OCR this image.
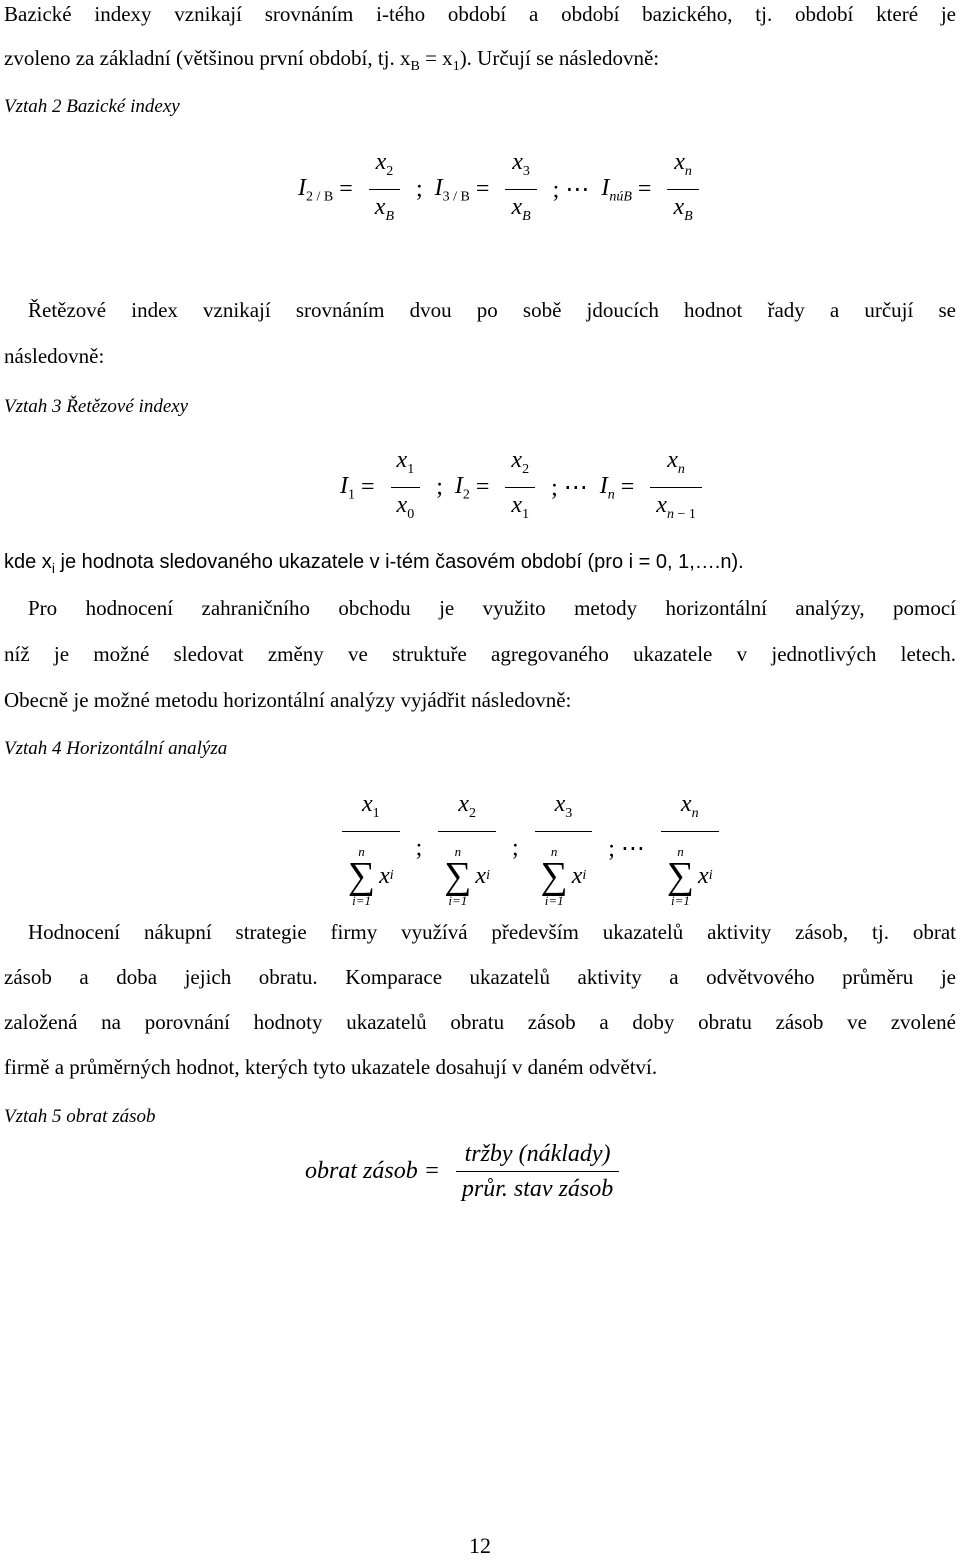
Bazické indexy vznikají srovnáním i-tého období a období bazického, tj. období které je

zvoleno za základní (většinou první období, tj. $x_B = x_1$). Určují se následovně:

Vztah 2 Bazické indexy

$I_{2 / B} = \frac{x_2}{x_B}$ ; $I_{3 / B} = \frac{x_3}{x_B}$ ; ⋯ $I_{núB} = \frac{x_n}{x_B}$

Řetězové index vznikají srovnáním dvou po sobě jdoucích hodnot řady a určují se

následovně:

Vztah 3 Řetězové indexy

$I_1 = \frac{x_1}{x_0}$ ; $I_2 = \frac{x_2}{x_1}$ ; ⋯ $I_n = \frac{x_n}{x_{n - 1}}$

kde $x_i$ je hodnota sledovaného ukazatele v i-tém časovém období (pro i = 0, 1,….n).

Pro hodnocení zahraničního obchodu je využito metody horizontální analýzy, pomocí

níž je možné sledovat změny ve struktuře agregovaného ukazatele v jednotlivých letech.

Obecně je možné metodu horizontální analýzy vyjádřit následovně:

Vztah 4 Horizontální analýza

$x_1$
n
∑
i=1
x i ; $x_2$
n
∑
i=1
x i ; $x_3$
n
∑
i=1
x i ; ⋯ $x_n$
n
∑
i=1
x i

Hodnocení nákupní strategie firmy využívá především ukazatelů aktivity zásob, tj. obrat

zásob a doba jejich obratu. Komparace ukazatelů aktivity a odvětvového průměru je

založená na porovnání hodnoty ukazatelů obratu zásob a doby obratu zásob ve zvolené

firmě a průměrných hodnot, kterých tyto ukazatele dosahují v daném odvětví.

Vztah 5 obrat zásob

obrat zásob = $\frac{\text{tržby (náklady)}}{\text{průr. stav zásob}}$
12
